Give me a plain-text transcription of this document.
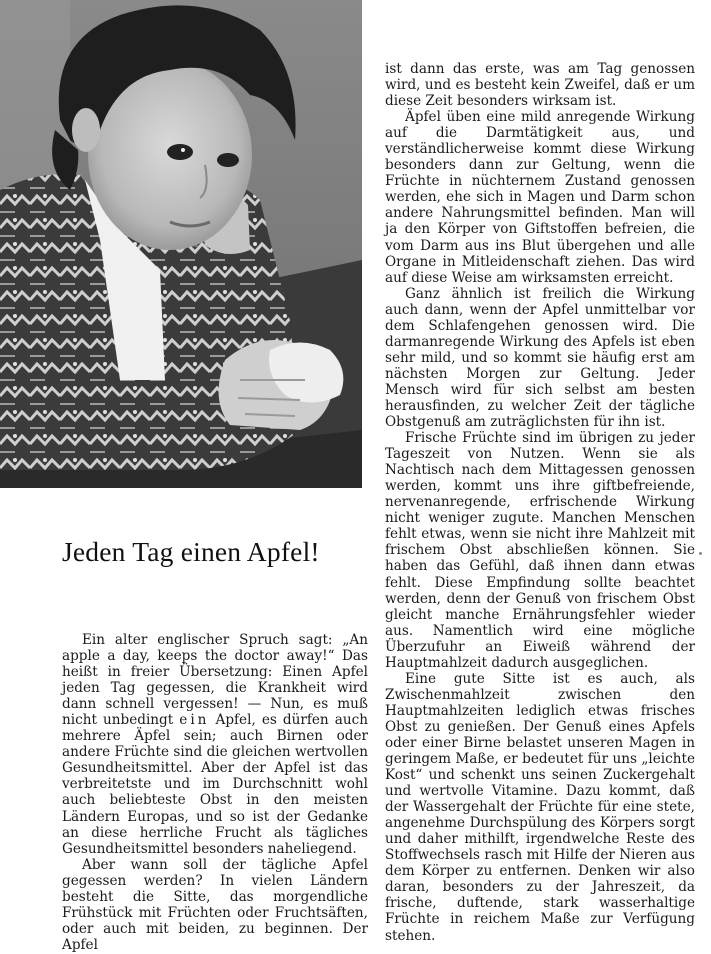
Jeden Tag einen Apfel!

Ein alter englischer Spruch sagt: „An apple a day, keeps the doctor away!“ Das heißt in freier Übersetzung: Einen Apfel jeden Tag gegessen, die Krankheit wird dann schnell vergessen! — Nun, es muß nicht unbedingt ein Apfel, es dürfen auch mehrere Äpfel sein; auch Birnen oder andere Früchte sind die gleichen wertvollen Gesundheitsmittel. Aber der Apfel ist das verbreitetste und im Durchschnitt wohl auch beliebteste Obst in den meisten Ländern Europas, und so ist der Gedanke an diese herrliche Frucht als tägliches Gesundheitsmittel besonders naheliegend.

Aber wann soll der tägliche Apfel gegessen werden? In vielen Ländern besteht die Sitte, das morgendliche Frühstück mit Früchten oder Fruchtsäften, oder auch mit beiden, zu beginnen. Der Apfel

ist dann das erste, was am Tag genossen wird, und es besteht kein Zweifel, daß er um diese Zeit besonders wirksam ist.

Äpfel üben eine mild anregende Wirkung auf die Darmtätigkeit aus, und verständlicherweise kommt diese Wirkung besonders dann zur Geltung, wenn die Früchte in nüchternem Zustand genossen werden, ehe sich in Magen und Darm schon andere Nahrungsmittel befinden. Man will ja den Körper von Giftstoffen befreien, die vom Darm aus ins Blut übergehen und alle Organe in Mitleidenschaft ziehen. Das wird auf diese Weise am wirksamsten erreicht.

Ganz ähnlich ist freilich die Wirkung auch dann, wenn der Apfel unmittelbar vor dem Schlafengehen genossen wird. Die darmanregende Wirkung des Apfels ist eben sehr mild, und so kommt sie häufig erst am nächsten Morgen zur Geltung. Jeder Mensch wird für sich selbst am besten herausfinden, zu welcher Zeit der tägliche Obstgenuß am zuträglichsten für ihn ist.

Frische Früchte sind im übrigen zu jeder Tageszeit von Nutzen. Wenn sie als Nachtisch nach dem Mittagessen genossen werden, kommt uns ihre giftbefreiende, nervenanregende, erfrischende Wirkung nicht weniger zugute. Manchen Menschen fehlt etwas, wenn sie nicht ihre Mahlzeit mit frischem Obst abschließen können. Sie haben das Gefühl, daß ihnen dann etwas fehlt. Diese Empfindung sollte beachtet werden, denn der Genuß von frischem Obst gleicht manche Ernährungsfehler wieder aus. Namentlich wird eine mögliche Überzufuhr an Eiweiß während der Hauptmahlzeit dadurch ausgeglichen.

Eine gute Sitte ist es auch, als Zwischenmahlzeit zwischen den Hauptmahlzeiten lediglich etwas frisches Obst zu genießen. Der Genuß eines Apfels oder einer Birne belastet unseren Magen in geringem Maße, er bedeutet für uns „leichte Kost“ und schenkt uns seinen Zuckergehalt und wertvolle Vitamine. Dazu kommt, daß der Wassergehalt der Früchte für eine stete, angenehme Durchspülung des Körpers sorgt und daher mithilft, irgendwelche Reste des Stoffwechsels rasch mit Hilfe der Nieren aus dem Körper zu entfernen. Denken wir also daran, besonders zu der Jahreszeit, da frische, duftende, stark wasserhaltige Früchte in reichem Maße zur Verfügung stehen.
